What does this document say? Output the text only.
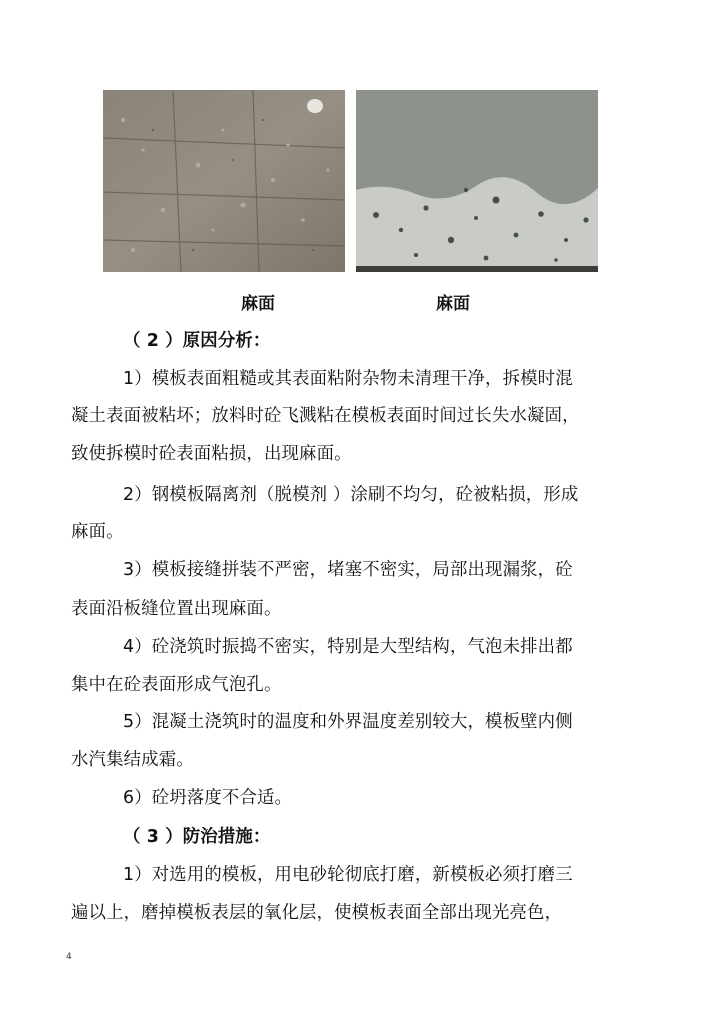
麻面	麻面
（ 2 ）原因分析：
1）模板表面粗糙或其表面粘附杂物未清理干净，拆模时混
凝土表面被粘坏；放料时砼飞溅粘在模板表面时间过长失水凝固，
致使拆模时砼表面粘损，出现麻面。
2）钢模板隔离剂（脱模剂 ）涂刷不均匀，砼被粘损，形成
麻面。
3）模板接缝拼装不严密，堵塞不密实，局部出现漏浆，砼
表面沿板缝位置出现麻面。
4）砼浇筑时振捣不密实，特别是大型结构，气泡未排出都
集中在砼表面形成气泡孔。
5）混凝土浇筑时的温度和外界温度差别较大，模板壁内侧
水汽集结成霜。
6）砼坍落度不合适。
（ 3 ）防治措施：
1）对选用的模板，用电砂轮彻底打磨，新模板必须打磨三
遍以上，磨掉模板表层的氧化层，使模板表面全部出现光亮色，
4
